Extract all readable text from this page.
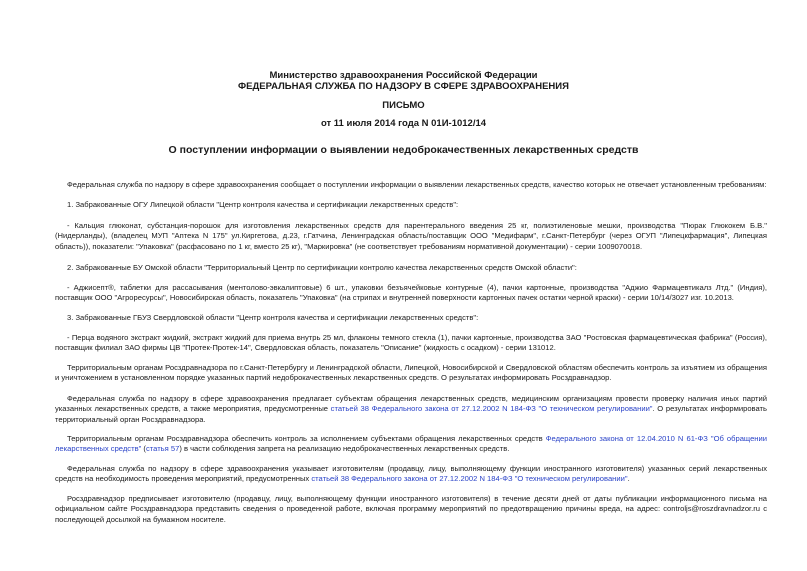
Министерство здравоохранения Российской Федерации
ФЕДЕРАЛЬНАЯ СЛУЖБА ПО НАДЗОРУ В СФЕРЕ ЗДРАВООХРАНЕНИЯ
ПИСЬМО
от 11 июля 2014 года N 01И-1012/14
О поступлении информации о выявлении недоброкачественных лекарственных средств

Федеральная служба по надзору в сфере здравоохранения сообщает о поступлении информации о выявлении лекарственных средств, качество которых не отвечает установленным требованиям:

1. Забракованные ОГУ Липецкой области "Центр контроля качества и сертификации лекарственных средств":

- Кальция глюконат, субстанция-порошок для изготовления лекарственных средств для парентерального введения 25 кг, полиэтиленовые мешки, производства "Пюрак Глюкокем Б.В." (Нидерланды), (владелец МУП "Аптека N 175" ул.Киргетова, д.23, г.Гатчина, Ленинградская область/поставщик ООО "Медифарм", г.Санкт-Петербург (через ОГУП "Липецкфармация", Липецкая область)), показатели: "Упаковка" (расфасовано по 1 кг, вместо 25 кг), "Маркировка" (не соответствует требованиям нормативной документации) - серии 1009070018.

2. Забракованные БУ Омской области "Территориальный Центр по сертификации контролю качества лекарственных средств Омской области":

- Аджисепт®, таблетки для рассасывания (ментолово-эвкалиптовые) 6 шт., упаковки безъячейковые контурные (4), пачки картонные, производства "Аджио Фармацевтикалз Лтд." (Индия), поставщик ООО "Агроресурсы", Новосибирская область, показатель "Упаковка" (на стрипах и внутренней поверхности картонных пачек остатки черной краски) - серии 10/14/3027 изг. 10.2013.

3. Забракованные ГБУЗ Свердловской области "Центр контроля качества и сертификации лекарственных средств":

- Перца водяного экстракт жидкий, экстракт жидкий для приема внутрь 25 мл, флаконы темного стекла (1), пачки картонные, производства ЗАО "Ростовская фармацевтическая фабрика" (Россия), поставщик филиал ЗАО фирмы ЦВ "Протек-Протек-14", Свердловская область, показатель "Описание" (жидкость с осадком) - серии 131012.

Территориальным органам Росздравнадзора по г.Санкт-Петербургу и Ленинградской области, Липецкой, Новосибирской и Свердловской областям обеспечить контроль за изъятием из обращения и уничтожением в установленном порядке указанных партий недоброкачественных лекарственных средств. О результатах информировать Росздравнадзор.

Федеральная служба по надзору в сфере здравоохранения предлагает субъектам обращения лекарственных средств, медицинским организациям провести проверку наличия иных партий указанных лекарственных средств, а также мероприятия, предусмотренные статьей 38 Федерального закона от 27.12.2002 N 184-ФЗ "О техническом регулировании". О результатах информировать территориальный орган Росздравнадзора.

Территориальным органам Росздравнадзора обеспечить контроль за исполнением субъектами обращения лекарственных средств Федерального закона от 12.04.2010 N 61-ФЗ "Об обращении лекарственных средств" (статья 57) в части соблюдения запрета на реализацию недоброкачественных лекарственных средств.

Федеральная служба по надзору в сфере здравоохранения указывает изготовителям (продавцу, лицу, выполняющему функции иностранного изготовителя) указанных серий лекарственных средств на необходимость проведения мероприятий, предусмотренных статьей 38 Федерального закона от 27.12.2002 N 184-ФЗ "О техническом регулировании".

Росздравнадзор предписывает изготовителю (продавцу, лицу, выполняющему функции иностранного изготовителя) в течение десяти дней от даты публикации информационного письма на официальном сайте Росздравнадзора представить сведения о проведенной работе, включая программу мероприятий по предотвращению причины вреда, на адрес: controljs@roszdravnadzor.ru с последующей досылкой на бумажном носителе.
